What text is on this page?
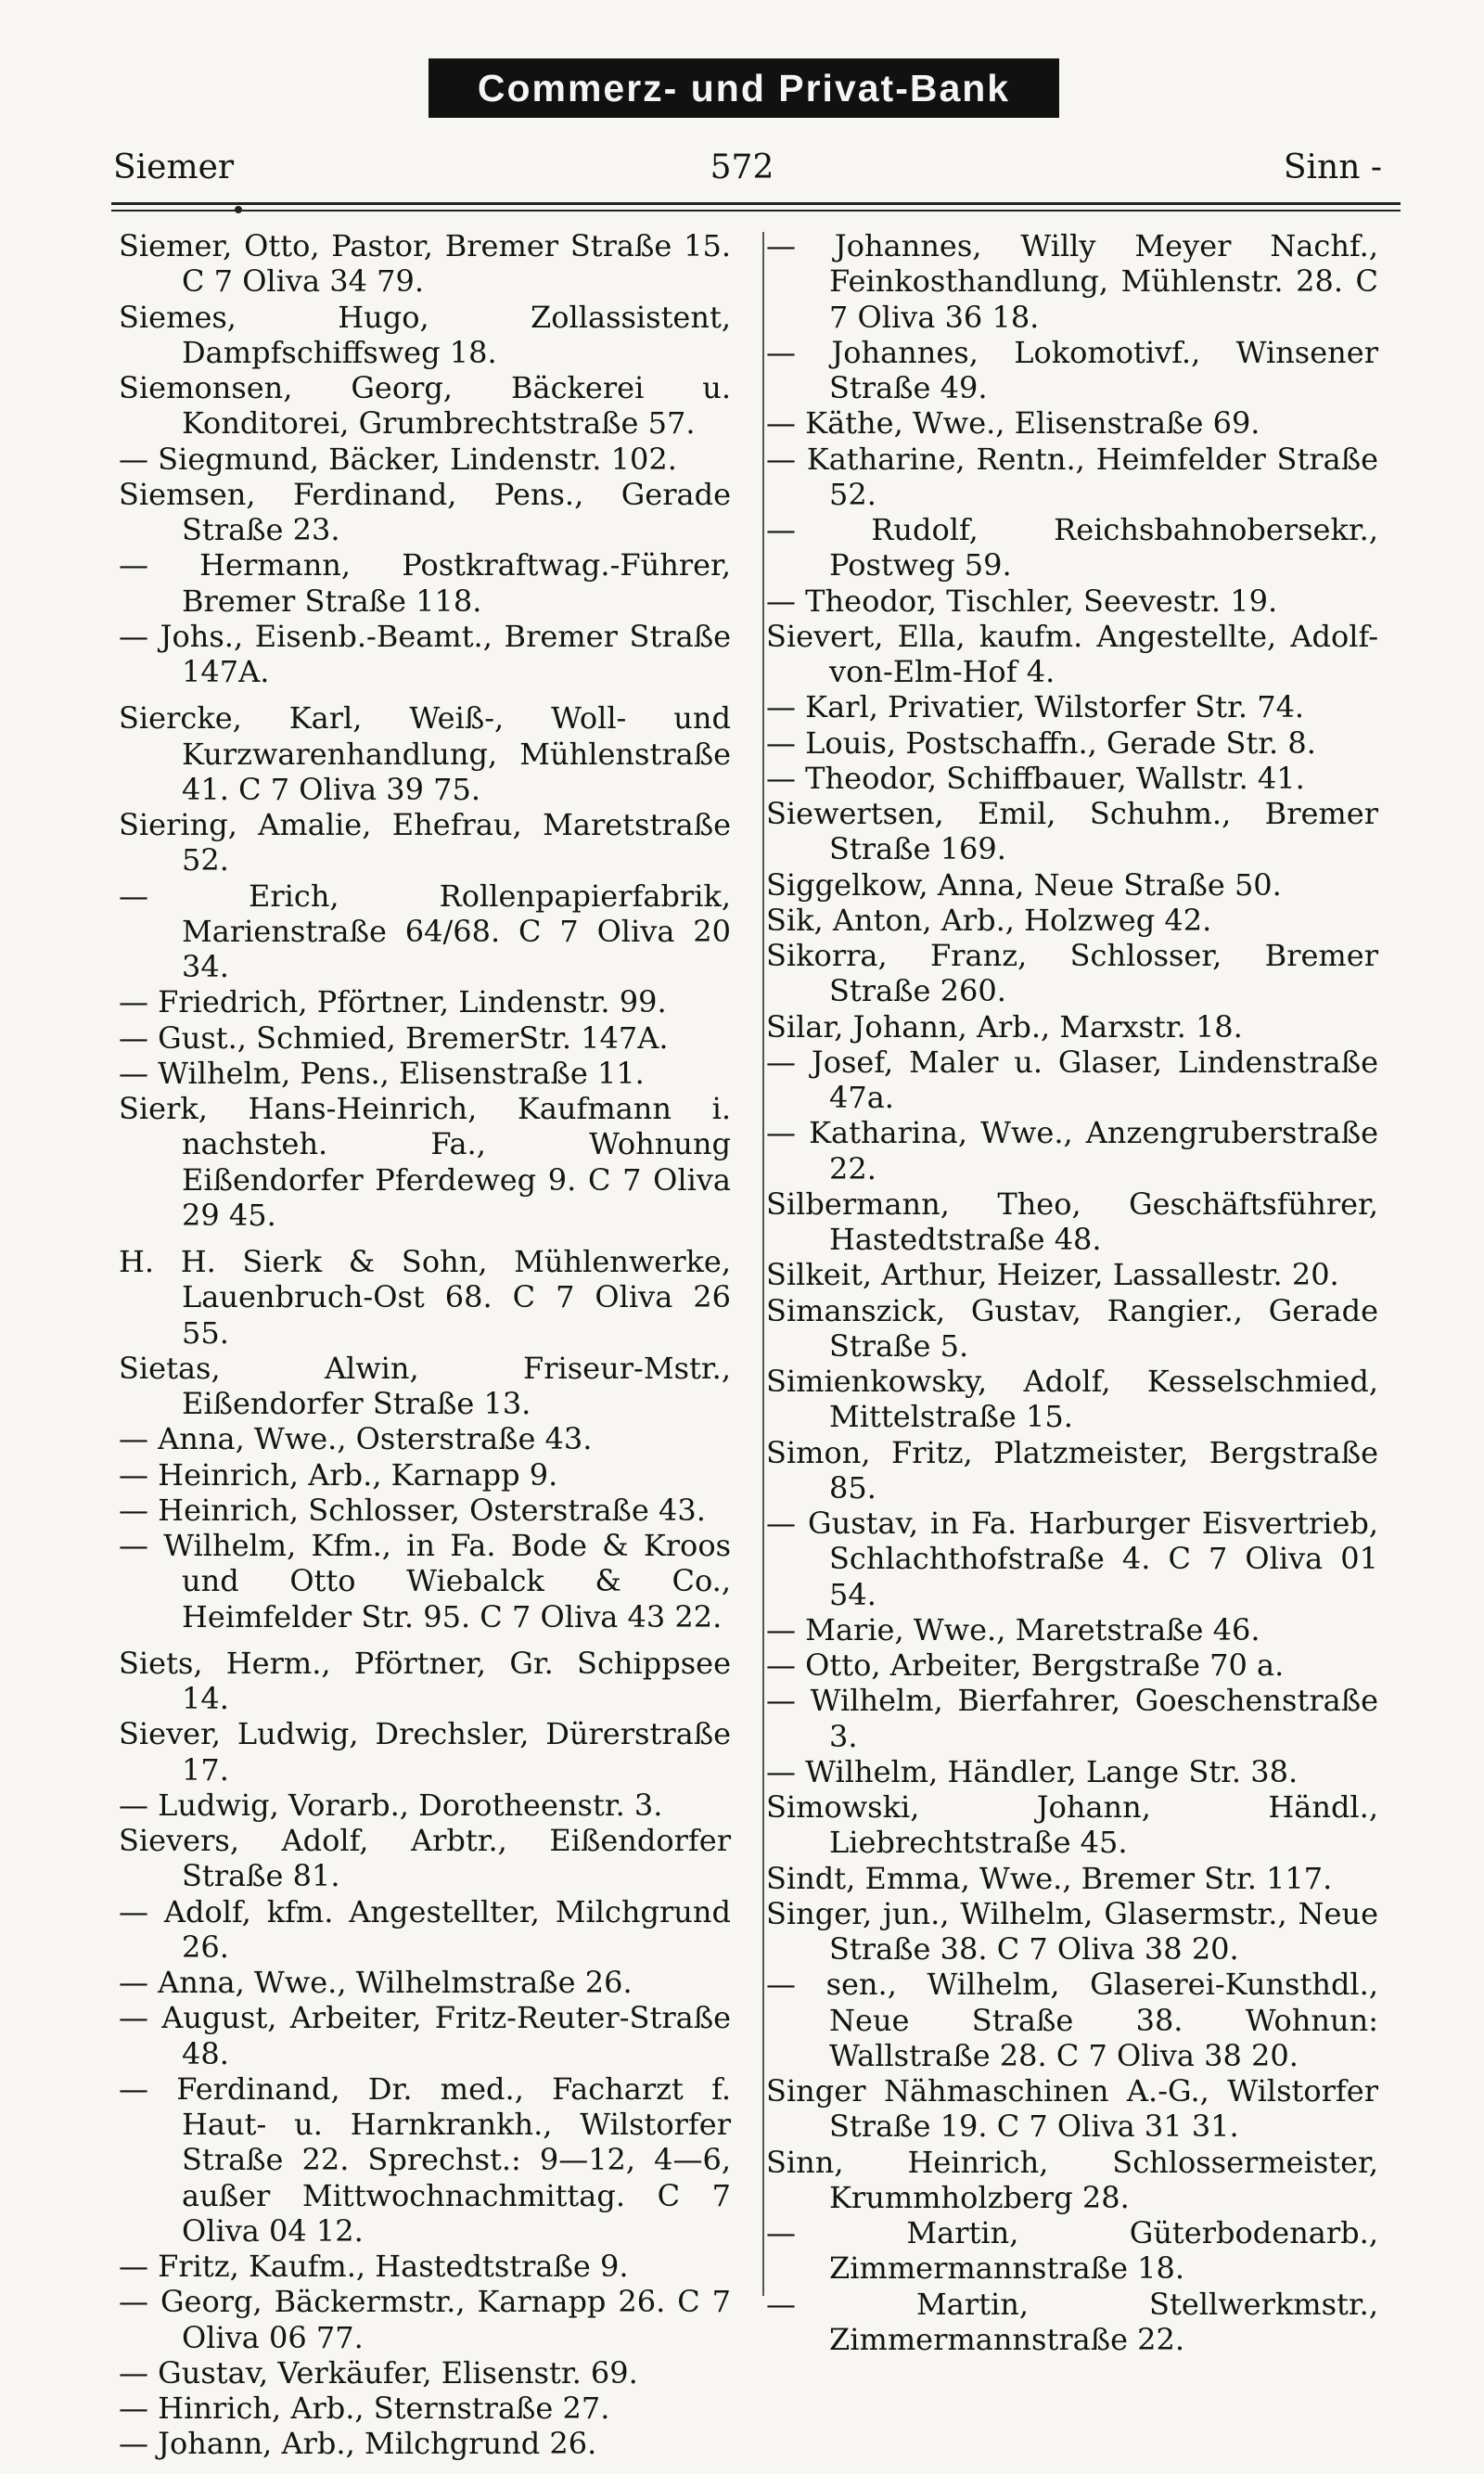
Commerz- und Privat-Bank
Siemer	572	Sinn -
Siemer, Otto, Pastor, Bremer Straße 15. C 7 Oliva 34 79.
Siemes, Hugo, Zollassistent, Dampfschiffsweg 18.
Siemonsen, Georg, Bäckerei u. Konditorei, Grumbrechtstraße 57.
— Siegmund, Bäcker, Lindenstr. 102.
Siemsen, Ferdinand, Pens., Gerade Straße 23.
— Hermann, Postkraftwag.-Führer, Bremer Straße 118.
— Johs., Eisenb.-Beamt., Bremer Straße 147A.
Siercke, Karl, Weiß-, Woll- und Kurzwarenhandlung, Mühlenstraße 41. C 7 Oliva 39 75.
Siering, Amalie, Ehefrau, Maretstraße 52.
— Erich, Rollenpapierfabrik, Marienstraße 64/68. C 7 Oliva 20 34.
— Friedrich, Pförtner, Lindenstr. 99.
— Gust., Schmied, BremerStr. 147A.
— Wilhelm, Pens., Elisenstraße 11.
Sierk, Hans-Heinrich, Kaufmann i. nachsteh. Fa., Wohnung Eißendorfer Pferdeweg 9. C 7 Oliva 29 45.
H. H. Sierk & Sohn, Mühlenwerke, Lauenbruch-Ost 68. C 7 Oliva 26 55.
Sietas, Alwin, Friseur-Mstr., Eißendorfer Straße 13.
— Anna, Wwe., Osterstraße 43.
— Heinrich, Arb., Karnapp 9.
— Heinrich, Schlosser, Osterstraße 43.
— Wilhelm, Kfm., in Fa. Bode & Kroos und Otto Wiebalck & Co., Heimfelder Str. 95. C 7 Oliva 43 22.
Siets, Herm., Pförtner, Gr. Schippsee 14.
Siever, Ludwig, Drechsler, Dürerstraße 17.
— Ludwig, Vorarb., Dorotheenstr. 3.
Sievers, Adolf, Arbtr., Eißendorfer Straße 81.
— Adolf, kfm. Angestellter, Milchgrund 26.
— Anna, Wwe., Wilhelmstraße 26.
— August, Arbeiter, Fritz-Reuter-Straße 48.
— Ferdinand, Dr. med., Facharzt f. Haut- u. Harnkrankh., Wilstorfer Straße 22. Sprechst.: 9—12, 4—6, außer Mittwochnachmittag. C 7 Oliva 04 12.
— Fritz, Kaufm., Hastedtstraße 9.
— Georg, Bäckermstr., Karnapp 26. C 7 Oliva 06 77.
— Gustav, Verkäufer, Elisenstr. 69.
— Hinrich, Arb., Sternstraße 27.
— Johann, Arb., Milchgrund 26.
— Johannes, Willy Meyer Nachf., Feinkosthandlung, Mühlenstr. 28. C 7 Oliva 36 18.
— Johannes, Lokomotivf., Winsener Straße 49.
— Käthe, Wwe., Elisenstraße 69.
— Katharine, Rentn., Heimfelder Straße 52.
— Rudolf, Reichsbahnobersekr., Postweg 59.
— Theodor, Tischler, Seevestr. 19.
Sievert, Ella, kaufm. Angestellte, Adolf-von-Elm-Hof 4.
— Karl, Privatier, Wilstorfer Str. 74.
— Louis, Postschaffn., Gerade Str. 8.
— Theodor, Schiffbauer, Wallstr. 41.
Siewertsen, Emil, Schuhm., Bremer Straße 169.
Siggelkow, Anna, Neue Straße 50.
Sik, Anton, Arb., Holzweg 42.
Sikorra, Franz, Schlosser, Bremer Straße 260.
Silar, Johann, Arb., Marxstr. 18.
— Josef, Maler u. Glaser, Lindenstraße 47a.
— Katharina, Wwe., Anzengruberstraße 22.
Silbermann, Theo, Geschäftsführer, Hastedtstraße 48.
Silkeit, Arthur, Heizer, Lassallestr. 20.
Simanszick, Gustav, Rangier., Gerade Straße 5.
Simienkowsky, Adolf, Kesselschmied, Mittelstraße 15.
Simon, Fritz, Platzmeister, Bergstraße 85.
— Gustav, in Fa. Harburger Eisvertrieb, Schlachthofstraße 4. C 7 Oliva 01 54.
— Marie, Wwe., Maretstraße 46.
— Otto, Arbeiter, Bergstraße 70 a.
— Wilhelm, Bierfahrer, Goeschenstraße 3.
— Wilhelm, Händler, Lange Str. 38.
Simowski, Johann, Händl., Liebrechtstraße 45.
Sindt, Emma, Wwe., Bremer Str. 117.
Singer, jun., Wilhelm, Glasermstr., Neue Straße 38. C 7 Oliva 38 20.
— sen., Wilhelm, Glaserei-Kunsthdl., Neue Straße 38. Wohnun: Wallstraße 28. C 7 Oliva 38 20.
Singer Nähmaschinen A.-G., Wilstorfer Straße 19. C 7 Oliva 31 31.
Sinn, Heinrich, Schlossermeister, Krummholzberg 28.
— Martin, Güterbodenarb., Zimmermannstraße 18.
— Martin, Stellwerkmstr., Zimmermannstraße 22.
